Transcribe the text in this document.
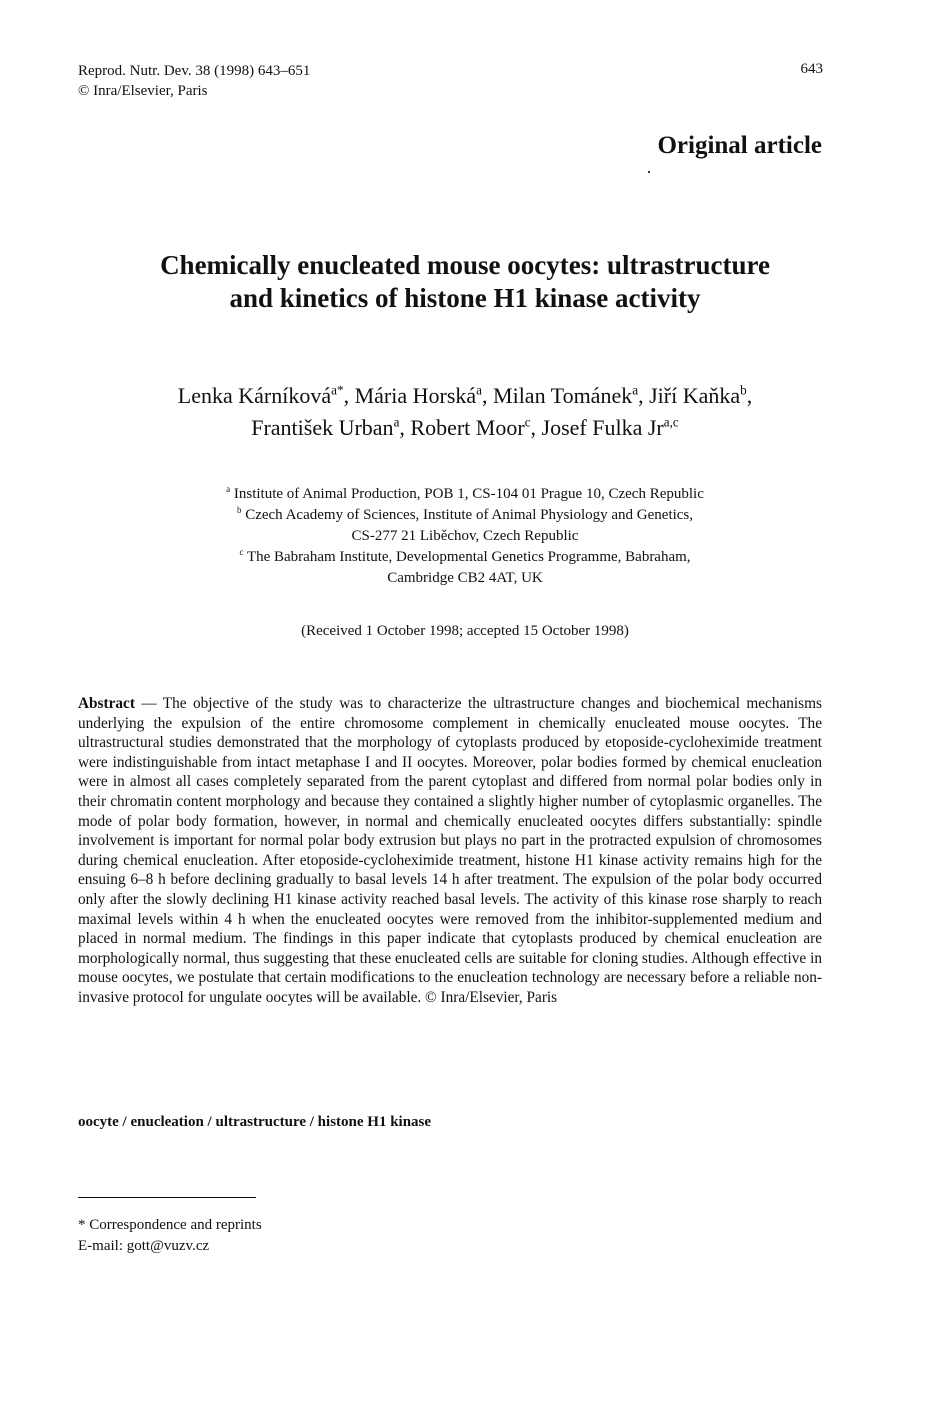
Reprod. Nutr. Dev. 38 (1998) 643–651
© Inra/Elsevier, Paris
643
Original article
Chemically enucleated mouse oocytes: ultrastructure
and kinetics of histone H1 kinase activity
Lenka Kárníková$^{a*}$, Mária Horská$^a$, Milan Tománek$^a$, Jiří Kaňka$^b$,
František Urban$^a$, Robert Moor$^c$, Josef Fulka Jr$^{a,c}$
$^a$ Institute of Animal Production, POB 1, CS-104 01 Prague 10, Czech Republic
$^b$ Czech Academy of Sciences, Institute of Animal Physiology and Genetics,
CS-277 21 Liběchov, Czech Republic
$^c$ The Babraham Institute, Developmental Genetics Programme, Babraham,
Cambridge CB2 4AT, UK
(Received 1 October 1998; accepted 15 October 1998)
Abstract — The objective of the study was to characterize the ultrastructure changes and biochemical mechanisms underlying the expulsion of the entire chromosome complement in chemically enucleated mouse oocytes. The ultrastructural studies demonstrated that the morphology of cytoplasts produced by etoposide-cycloheximide treatment were indistinguishable from intact metaphase I and II oocytes. Moreover, polar bodies formed by chemical enucleation were in almost all cases completely separated from the parent cytoplast and differed from normal polar bodies only in their chromatin content morphology and because they contained a slightly higher number of cytoplasmic organelles. The mode of polar body formation, however, in normal and chemically enucleated oocytes differs substantially: spindle involvement is important for normal polar body extrusion but plays no part in the protracted expulsion of chromosomes during chemical enucleation. After etoposide-cycloheximide treatment, histone H1 kinase activity remains high for the ensuing 6–8 h before declining gradually to basal levels 14 h after treatment. The expulsion of the polar body occurred only after the slowly declining H1 kinase activity reached basal levels. The activity of this kinase rose sharply to reach maximal levels within 4 h when the enucleated oocytes were removed from the inhibitor-supplemented medium and placed in normal medium. The findings in this paper indicate that cytoplasts produced by chemical enucleation are morphologically normal, thus suggesting that these enucleated cells are suitable for cloning studies. Although effective in mouse oocytes, we postulate that certain modifications to the enucleation technology are necessary before a reliable non-invasive protocol for ungulate oocytes will be available. © Inra/Elsevier, Paris
oocyte / enucleation / ultrastructure / histone H1 kinase
* Correspondence and reprints
E-mail: gott@vuzv.cz
